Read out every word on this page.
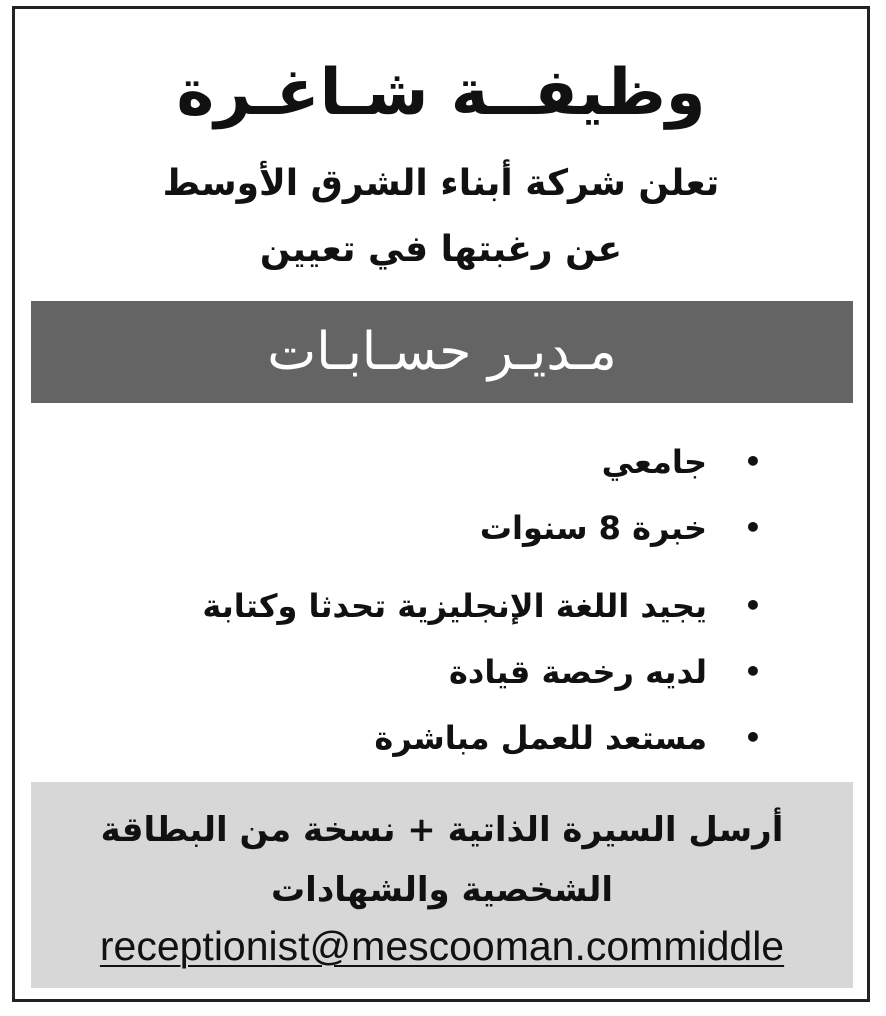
وظيفــة شـاغـرة
تعلن شركة أبناء الشرق الأوسط
عن رغبتها في تعيين
مـديـر حسـابـات
•
جامعي
•
خبرة 8 سنوات
•
يجيد اللغة الإنجليزية تحدثا وكتابة
•
لديه رخصة قيادة
•
مستعد للعمل مباشرة
أرسل السيرة الذاتية + نسخة من البطاقة
الشخصية والشهادات
receptionist@mescooman.commiddle
